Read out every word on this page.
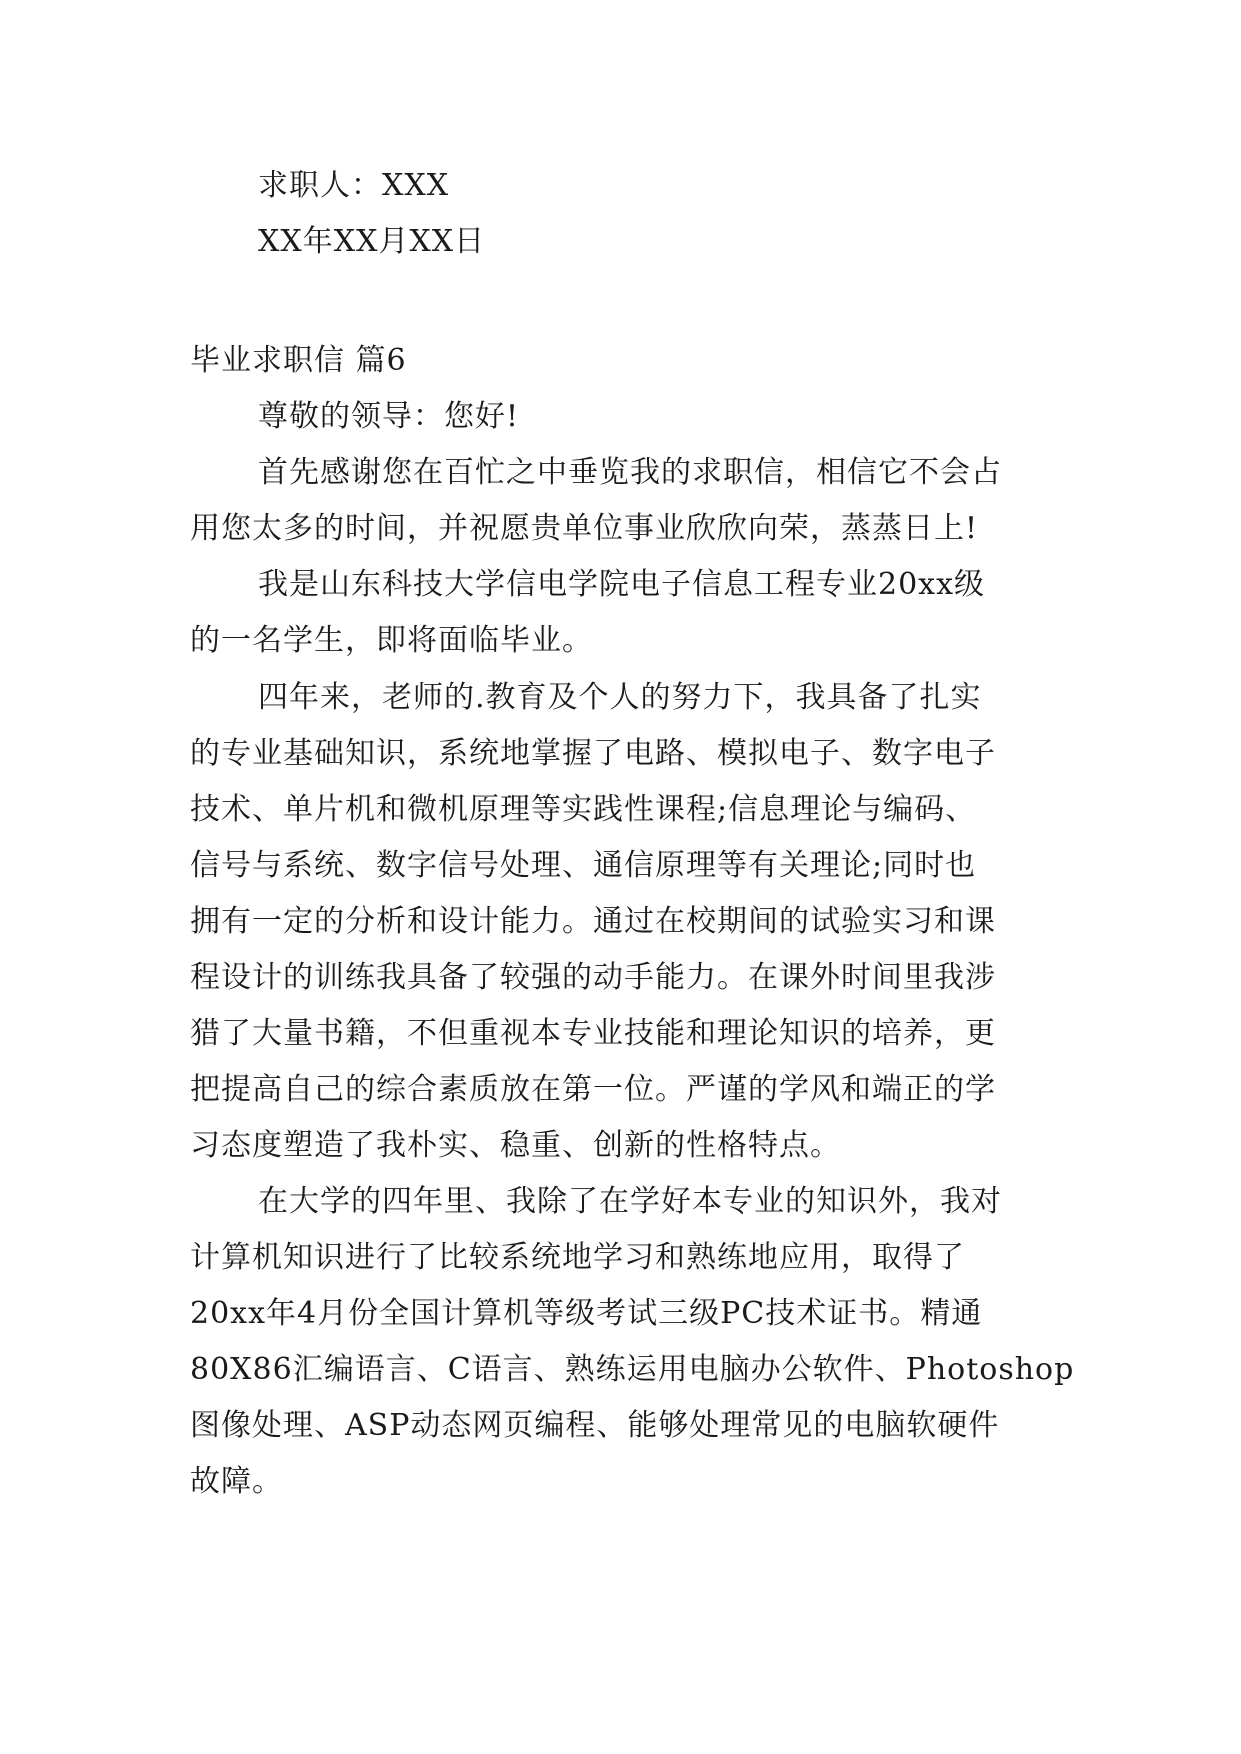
求职人：XXX
XX年XX月XX日
毕业求职信 篇6
尊敬的领导：您好!
首先感谢您在百忙之中垂览我的求职信，相信它不会占
用您太多的时间，并祝愿贵单位事业欣欣向荣，蒸蒸日上!
我是山东科技大学信电学院电子信息工程专业20xx级
的一名学生，即将面临毕业。
四年来，老师的.教育及个人的努力下，我具备了扎实
的专业基础知识，系统地掌握了电路、模拟电子、数字电子
技术、单片机和微机原理等实践性课程;信息理论与编码、
信号与系统、数字信号处理、通信原理等有关理论;同时也
拥有一定的分析和设计能力。通过在校期间的试验实习和课
程设计的训练我具备了较强的动手能力。在课外时间里我涉
猎了大量书籍，不但重视本专业技能和理论知识的培养，更
把提高自己的综合素质放在第一位。严谨的学风和端正的学
习态度塑造了我朴实、稳重、创新的性格特点。
在大学的四年里、我除了在学好本专业的知识外，我对
计算机知识进行了比较系统地学习和熟练地应用，取得了
20xx年4月份全国计算机等级考试三级PC技术证书。精通
80X86汇编语言、C语言、熟练运用电脑办公软件、Photoshop
图像处理、ASP动态网页编程、能够处理常见的电脑软硬件
故障。
